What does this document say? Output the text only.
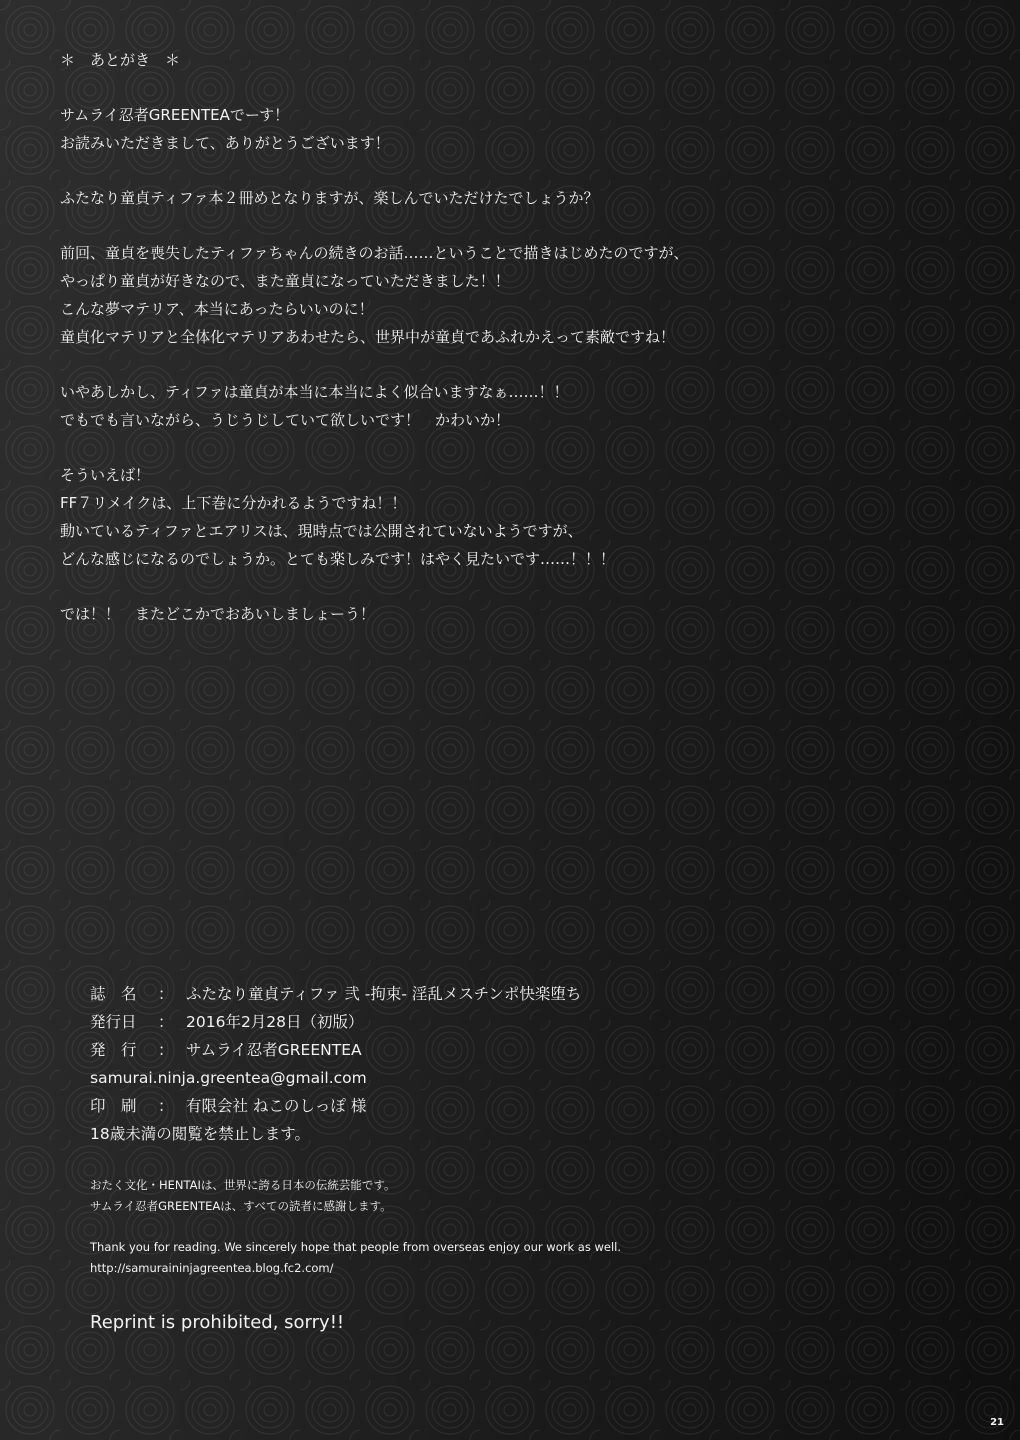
＊　あとがき　＊
サムライ忍者GREENTEAでーす！
お読みいただきまして、ありがとうございます！
ふたなり童貞ティファ本２冊めとなりますが、楽しんでいただけたでしょうか？
前回、童貞を喪失したティファちゃんの続きのお話……ということで描きはじめたのですが、
やっぱり童貞が好きなので、また童貞になっていただきました！！
こんな夢マテリア、本当にあったらいいのに！
童貞化マテリアと全体化マテリアあわせたら、世界中が童貞であふれかえって素敵ですね！
いやあしかし、ティファは童貞が本当に本当によく似合いますなぁ……！！
でもでも言いながら、うじうじしていて欲しいです！　かわいか！
そういえば！
FF７リメイクは、上下巻に分かれるようですね！！
動いているティファとエアリスは、現時点では公開されていないようですが、
どんな感じになるのでしょうか。とても楽しみです！はやく見たいです……！！！
では！！　またどこかでおあいしましょーう！
誌　名	： ふたなり童貞ティファ 弐 -拘束- 淫乱メスチンポ快楽堕ち
発行日	： 2016年2月28日（初版）
発　行	： サムライ忍者GREENTEA
samurai.ninja.greentea@gmail.com
印　刷	： 有限会社 ねこのしっぽ 様
18歳未満の閲覧を禁止します。
おたく文化・HENTAIは、世界に誇る日本の伝統芸能です。
サムライ忍者GREENTEAは、すべての読者に感謝します。
Thank you for reading. We sincerely hope that people from overseas enjoy our work as well.
http://samuraininjagreentea.blog.fc2.com/
Reprint is prohibited, sorry!!
21
